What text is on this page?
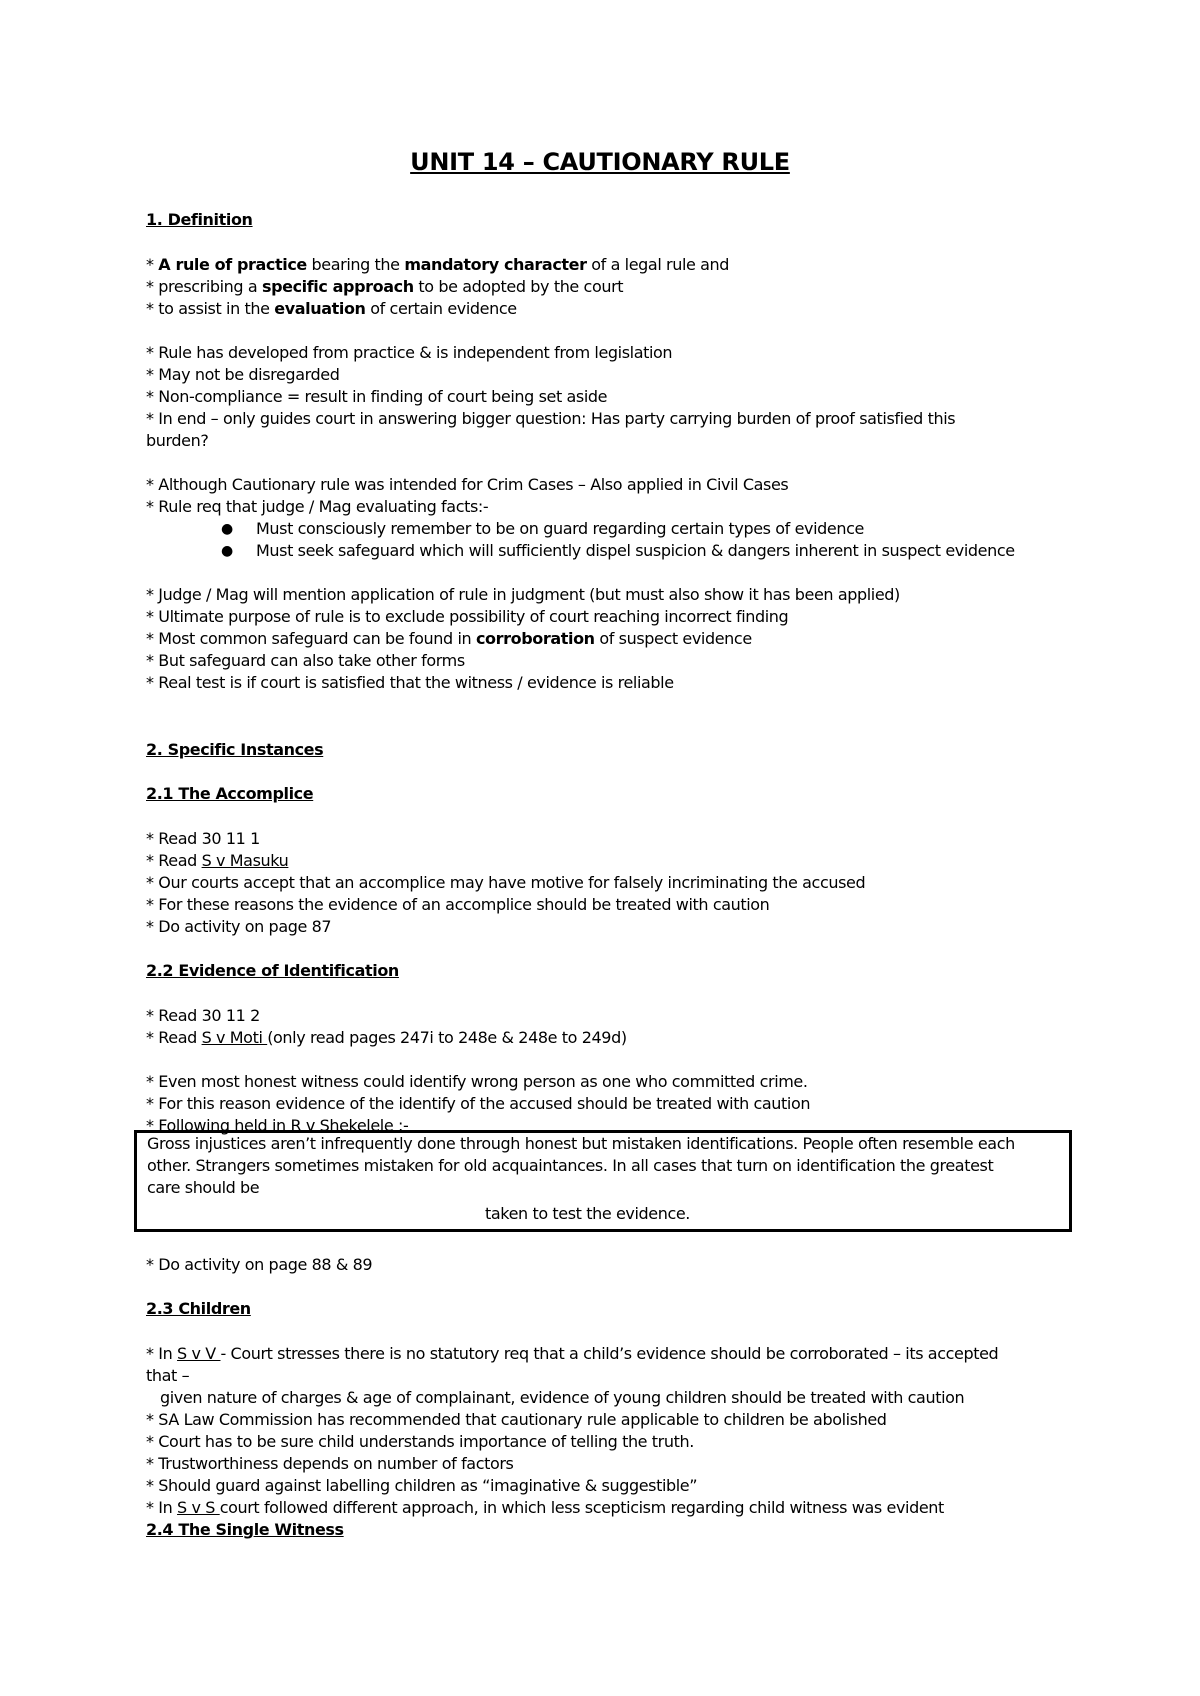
UNIT 14 – CAUTIONARY RULE
1. Definition
* A rule of practice bearing the mandatory character of a legal rule and
* prescribing a specific approach to be adopted by the court
* to assist in the evaluation of certain evidence
* Rule has developed from practice & is independent from legislation
* May not be disregarded
* Non-compliance = result in finding of court being set aside
* In end – only guides court in answering bigger question: Has party carrying burden of proof satisfied this
burden?
* Although Cautionary rule was intended for Crim Cases – Also applied in Civil Cases
* Rule req that judge / Mag evaluating facts:-
● Must consciously remember to be on guard regarding certain types of evidence
● Must seek safeguard which will sufficiently dispel suspicion & dangers inherent in suspect evidence
* Judge / Mag will mention application of rule in judgment (but must also show it has been applied)
* Ultimate purpose of rule is to exclude possibility of court reaching incorrect finding
* Most common safeguard can be found in corroboration of suspect evidence
* But safeguard can also take other forms
* Real test is if court is satisfied that the witness / evidence is reliable
2. Specific Instances
2.1 The Accomplice
* Read 30 11 1
* Read S v Masuku
* Our courts accept that an accomplice may have motive for falsely incriminating the accused
* For these reasons the evidence of an accomplice should be treated with caution
* Do activity on page 87
2.2 Evidence of Identification
* Read 30 11 2
* Read S v Moti (only read pages 247i to 248e & 248e to 249d)
* Even most honest witness could identify wrong person as one who committed crime.
* For this reason evidence of the identify of the accused should be treated with caution
* Following held in R v Shekelele :-
Gross injustices aren’t infrequently done through honest but mistaken identifications. People often resemble each
other. Strangers sometimes mistaken for old acquaintances. In all cases that turn on identification the greatest
care should be
taken to test the evidence.
* Do activity on page 88 & 89
2.3 Children
* In S v V - Court stresses there is no statutory req that a child’s evidence should be corroborated – its accepted
that –
given nature of charges & age of complainant, evidence of young children should be treated with caution
* SA Law Commission has recommended that cautionary rule applicable to children be abolished
* Court has to be sure child understands importance of telling the truth.
* Trustworthiness depends on number of factors
* Should guard against labelling children as “imaginative & suggestible”
* In S v S court followed different approach, in which less scepticism regarding child witness was evident
2.4 The Single Witness
